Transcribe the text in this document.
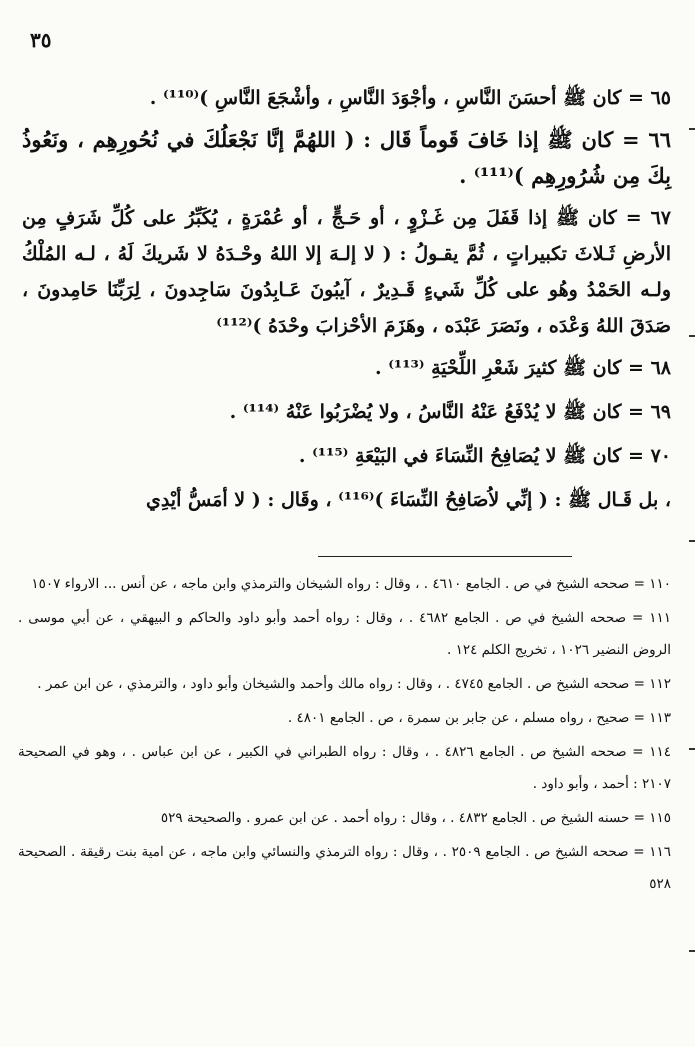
٣٥

٦٥ = كان ﷺ أحسَنَ النَّاسِ ، وأجْوَدَ النَّاسِ ، وأشْجَعَ النَّاسِ )⁽¹¹⁰⁾ .

٦٦ = كان ﷺ إذا خَافَ قَوماً قَال : ( اللهُمَّ إنَّا نَجْعَلُكَ في نُحُورِهِم ، ونَعُوذُ بِكَ مِن شُرُورِهِم )⁽¹¹¹⁾ .

٦٧ = كان ﷺ إذا قَفَلَ مِن غَـزْوٍ ، أو حَـجٍّ ، أو عُمْرَةٍ ، يُكَبِّرُ على كُلِّ شَرَفٍ مِن الأرضِ ثَـلاثَ تكبيراتٍ ، ثُمَّ يقـولُ : ( لا إلـهَ إلا اللهُ وحْـدَهُ لا شَريكَ لَهُ ، لـه المُلْكُ ولـه الحَمْدُ وهُو على كُلِّ شَيءٍ قَـدِيرٌ ، آيبُونَ عَـابِدُونَ سَاجِدونَ ، لِرَبِّنَا حَامِدونَ ، صَدَقَ اللهُ وَعْدَه ، ونَصَرَ عَبْدَه ، وهَزَمَ الأحْزابَ وحْدَهُ )⁽¹¹²⁾

٦٨ = كان ﷺ كثيرَ شَعْرِ اللِّحْيَةِ ⁽¹¹³⁾ .

٦٩ = كان ﷺ لا يُدْفَعُ عَنْهُ النَّاسُ ، ولا يُضْرَبُوا عَنْهُ ⁽¹¹⁴⁾ .

٧٠ = كان ﷺ لا يُصَافِحُ النِّسَاءَ في البَيْعَةِ ⁽¹¹⁵⁾ .

، بل قَـال ﷺ : ( إنِّي لاُصَافِحُ النِّسَاءَ )⁽¹¹⁶⁾ ، وقَال : ( لا أمَسُّ أيْدِي

١١٠ = صححه الشيخ في ص . الجامع ٤٦١٠ . ، وقال : رواه الشيخان والترمذي وابن ماجه ، عن أنس ... الارواء ١٥٠٧

١١١ = صححه الشيخ في ص . الجامع ٤٦٨٢ . ، وقال : رواه أحمد وأبو داود والحاكم و البيهقي ، عن أبي موسى . الروض النضير ١٠٢٦ ، تخريج الكلم ١٢٤ .

١١٢ = صححه الشيخ ص . الجامع ٤٧٤٥ . ، وقال : رواه مالك وأحمد والشيخان وأبو داود ، والترمذي ، عن ابن عمر .

١١٣ = صحيح ، رواه مسلم ، عن جابر بن سمرة ، ص . الجامع ٤٨٠١ .

١١٤ = صححه الشيخ ص . الجامع ٤٨٢٦ . ، وقال : رواه الطبراني في الكبير ، عن ابن عباس . ، وهو في الصحيحة ٢١٠٧ : أحمد ، وأبو داود .

١١٥ = حسنه الشيخ ص . الجامع ٤٨٣٢ . ، وقال : رواه أحمد . عن ابن عمرو . والصحيحة ٥٢٩

١١٦ = صححه الشيخ ص . الجامع ٢٥٠٩ . ، وقال : رواه الترمذي والنسائي وابن ماجه ، عن امية بنت رقيقة . الصحيحة ٥٢٨
